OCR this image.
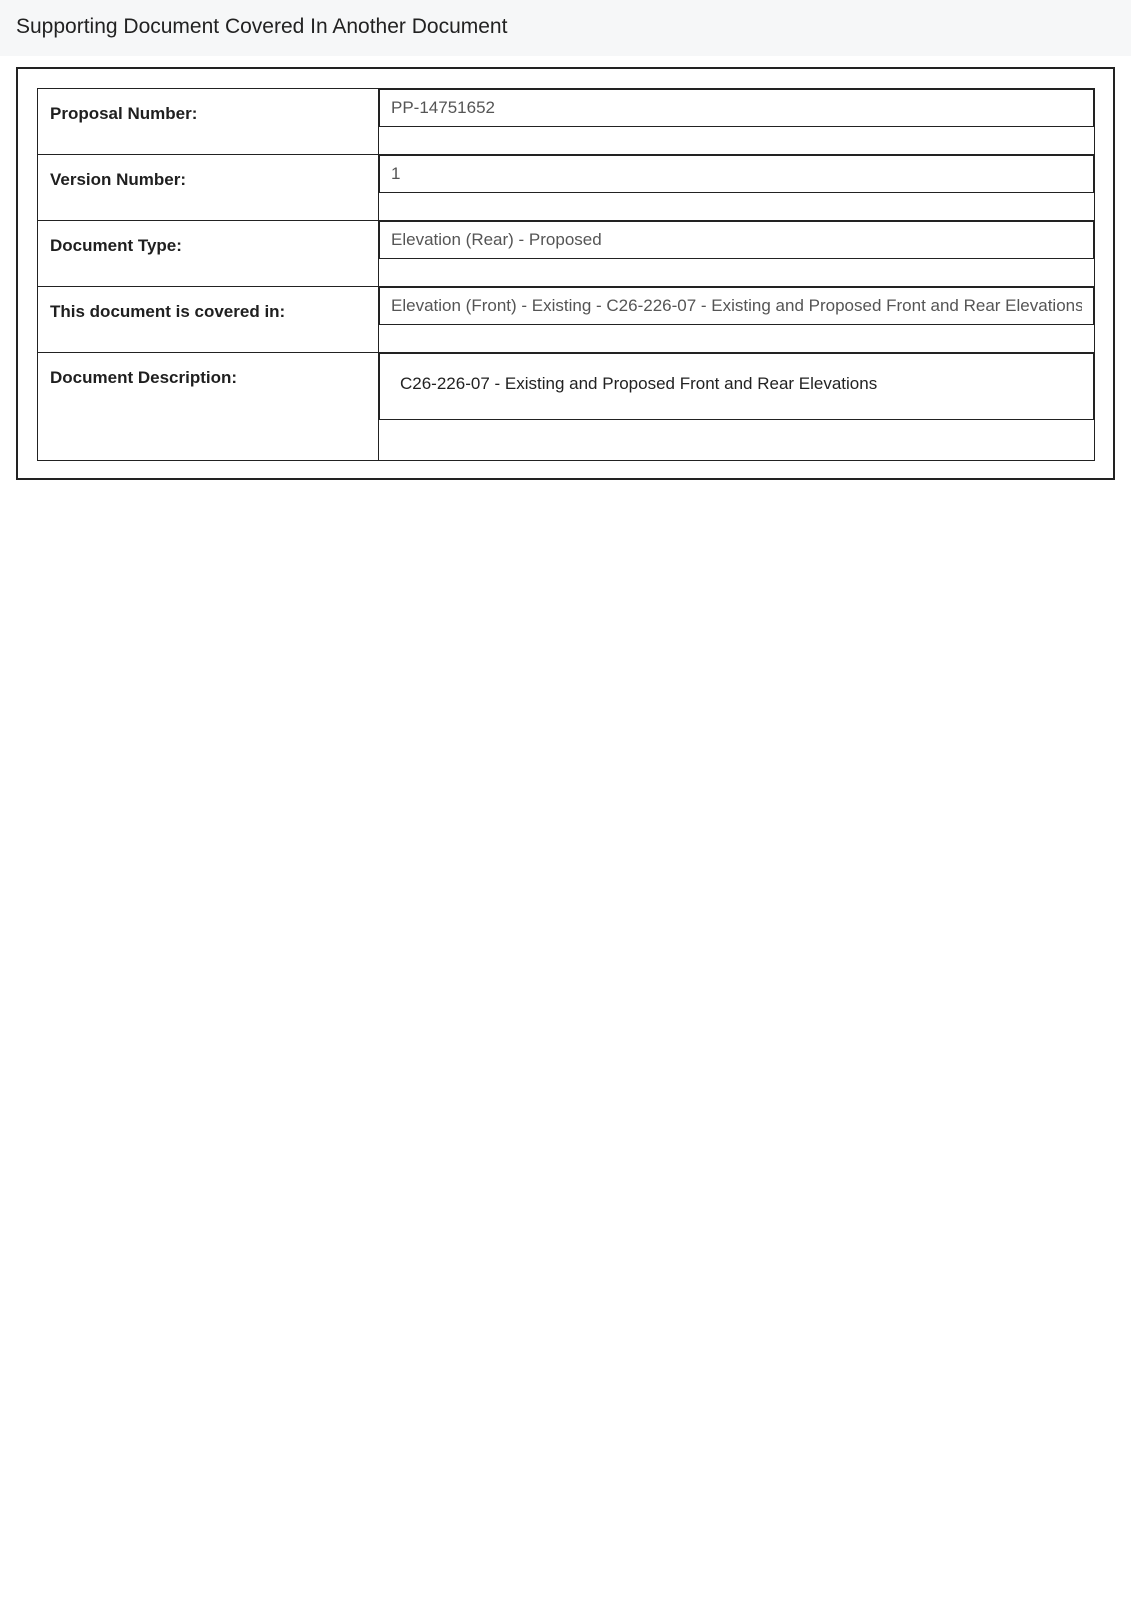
Supporting Document Covered In Another Document
Proposal Number:

PP-14751652

Version Number:

1

Document Type:

Elevation (Rear) - Proposed

This document is covered in:

Elevation (Front) - Existing - C26-226-07 - Existing and Proposed Front and Rear Elevations.pdf

Document Description:

C26-226-07 - Existing and Proposed Front and Rear Elevations
